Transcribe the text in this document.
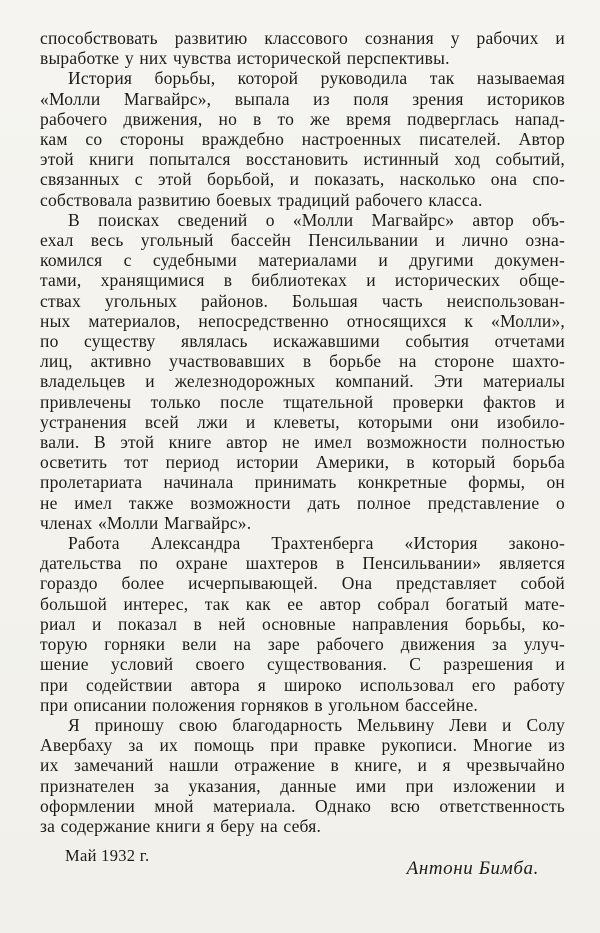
способствовать развитию классового сознания у рабочих и
выработке у них чувства исторической перспективы.
История борьбы, которой руководила так называемая
«Молли Магвайрс», выпала из поля зрения историков
рабочего движения, но в то же время подверглась напад-
кам со стороны враждебно настроенных писателей. Автор
этой книги попытался восстановить истинный ход событий,
связанных с этой борьбой, и показать, насколько она спо-
собствовала развитию боевых традиций рабочего класса.
В поисках сведений о «Молли Магвайрс» автор объ-
ехал весь угольный бассейн Пенсильвании и лично озна-
комился с судебными материалами и другими докумен-
тами, хранящимися в библиотеках и исторических обще-
ствах угольных районов. Большая часть неиспользован-
ных материалов, непосредственно относящихся к «Молли»,
по существу являлась искажавшими события отчетами
лиц, активно участвовавших в борьбе на стороне шахто-
владельцев и железнодорожных компаний. Эти материалы
привлечены только после тщательной проверки фактов и
устранения всей лжи и клеветы, которыми они изобило-
вали. В этой книге автор не имел возможности полностью
осветить тот период истории Америки, в который борьба
пролетариата начинала принимать конкретные формы, он
не имел также возможности дать полное представление о
членах «Молли Магвайрс».
Работа Александра Трахтенберга «История законо-
дательства по охране шахтеров в Пенсильвании» является
гораздо более исчерпывающей. Она представляет собой
большой интерес, так как ее автор собрал богатый мате-
риал и показал в ней основные направления борьбы, ко-
торую горняки вели на заре рабочего движения за улуч-
шение условий своего существования. С разрешения и
при содействии автора я широко использовал его работу
при описании положения горняков в угольном бассейне.
Я приношу свою благодарность Мельвину Леви и Солу
Авербаху за их помощь при правке рукописи. Многие из
их замечаний нашли отражение в книге, и я чрезвычайно
признателен за указания, данные ими при изложении и
оформлении мной материала. Однако всю ответственность
за содержание книги я беру на себя.
Май 1932 г.
Антони Бимба.
